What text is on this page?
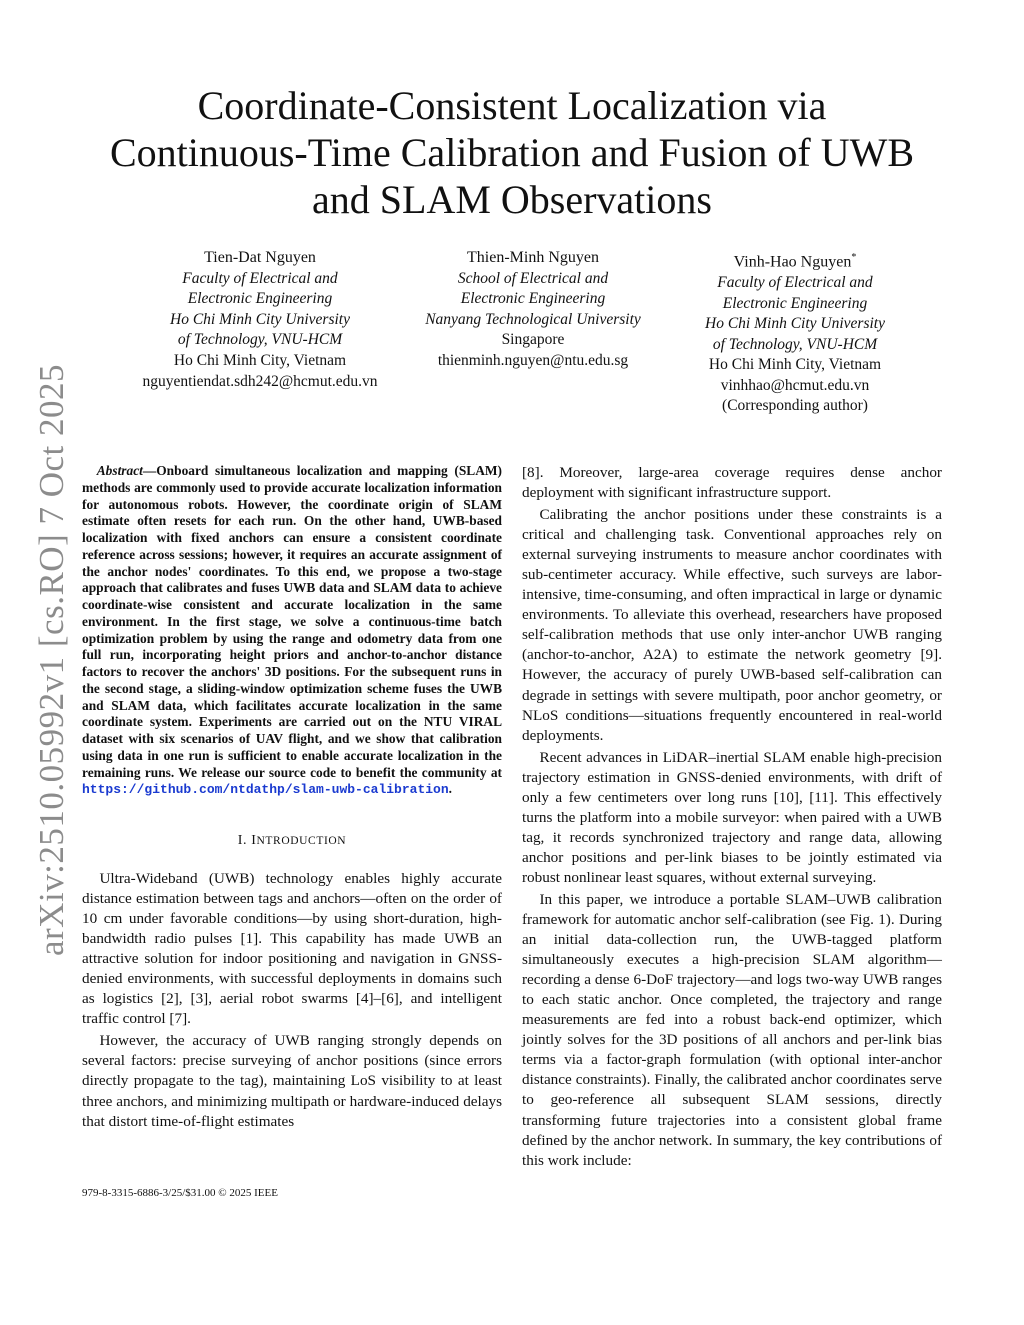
arXiv:2510.05992v1 [cs.RO] 7 Oct 2025
Coordinate-Consistent Localization via
Continuous-Time Calibration and Fusion of UWB
and SLAM Observations
Tien-Dat Nguyen
Faculty of Electrical and
Electronic Engineering
Ho Chi Minh City University
of Technology, VNU-HCM
Ho Chi Minh City, Vietnam
nguyentiendat.sdh242@hcmut.edu.vn
Thien-Minh Nguyen
School of Electrical and
Electronic Engineering
Nanyang Technological University
Singapore
thienminh.nguyen@ntu.edu.sg
Vinh-Hao Nguyen*
Faculty of Electrical and
Electronic Engineering
Ho Chi Minh City University
of Technology, VNU-HCM
Ho Chi Minh City, Vietnam
vinhhao@hcmut.edu.vn
(Corresponding author)

Abstract—Onboard simultaneous localization and mapping (SLAM) methods are commonly used to provide accurate localization information for autonomous robots. However, the coordinate origin of SLAM estimate often resets for each run. On the other hand, UWB-based localization with fixed anchors can ensure a consistent coordinate reference across sessions; however, it requires an accurate assignment of the anchor nodes' coordinates. To this end, we propose a two-stage approach that calibrates and fuses UWB data and SLAM data to achieve coordinate-wise consistent and accurate localization in the same environment. In the first stage, we solve a continuous-time batch optimization problem by using the range and odometry data from one full run, incorporating height priors and anchor-to-anchor distance factors to recover the anchors' 3D positions. For the subsequent runs in the second stage, a sliding-window optimization scheme fuses the UWB and SLAM data, which facilitates accurate localization in the same coordinate system. Experiments are carried out on the NTU VIRAL dataset with six scenarios of UAV flight, and we show that calibration using data in one run is sufficient to enable accurate localization in the remaining runs. We release our source code to benefit the community at https://github.com/ntdathp/slam-uwb-calibration.

I. INTRODUCTION

Ultra-Wideband (UWB) technology enables highly accurate distance estimation between tags and anchors—often on the order of 10 cm under favorable conditions—by using short-duration, high-bandwidth radio pulses [1]. This capability has made UWB an attractive solution for indoor positioning and navigation in GNSS-denied environments, with successful deployments in domains such as logistics [2], [3], aerial robot swarms [4]–[6], and intelligent traffic control [7].

However, the accuracy of UWB ranging strongly depends on several factors: precise surveying of anchor positions (since errors directly propagate to the tag), maintaining LoS visibility to at least three anchors, and minimizing multipath or hardware-induced delays that distort time-of-flight estimates

[8]. Moreover, large-area coverage requires dense anchor deployment with significant infrastructure support.

Calibrating the anchor positions under these constraints is a critical and challenging task. Conventional approaches rely on external surveying instruments to measure anchor coordinates with sub-centimeter accuracy. While effective, such surveys are labor-intensive, time-consuming, and often impractical in large or dynamic environments. To alleviate this overhead, researchers have proposed self-calibration methods that use only inter-anchor UWB ranging (anchor-to-anchor, A2A) to estimate the network geometry [9]. However, the accuracy of purely UWB-based self-calibration can degrade in settings with severe multipath, poor anchor geometry, or NLoS conditions—situations frequently encountered in real-world deployments.

Recent advances in LiDAR–inertial SLAM enable high-precision trajectory estimation in GNSS-denied environments, with drift of only a few centimeters over long runs [10], [11]. This effectively turns the platform into a mobile surveyor: when paired with a UWB tag, it records synchronized trajectory and range data, allowing anchor positions and per-link biases to be jointly estimated via robust nonlinear least squares, without external surveying.

In this paper, we introduce a portable SLAM–UWB calibration framework for automatic anchor self-calibration (see Fig. 1). During an initial data-collection run, the UWB-tagged platform simultaneously executes a high-precision SLAM algorithm—recording a dense 6-DoF trajectory—and logs two-way UWB ranges to each static anchor. Once completed, the trajectory and range measurements are fed into a robust back-end optimizer, which jointly solves for the 3D positions of all anchors and per-link bias terms via a factor-graph formulation (with optional inter-anchor distance constraints). Finally, the calibrated anchor coordinates serve to geo-reference all subsequent SLAM sessions, directly transforming future trajectories into a consistent global frame defined by the anchor network. In summary, the key contributions of this work include:

979-8-3315-6886-3/25/$31.00 © 2025 IEEE
